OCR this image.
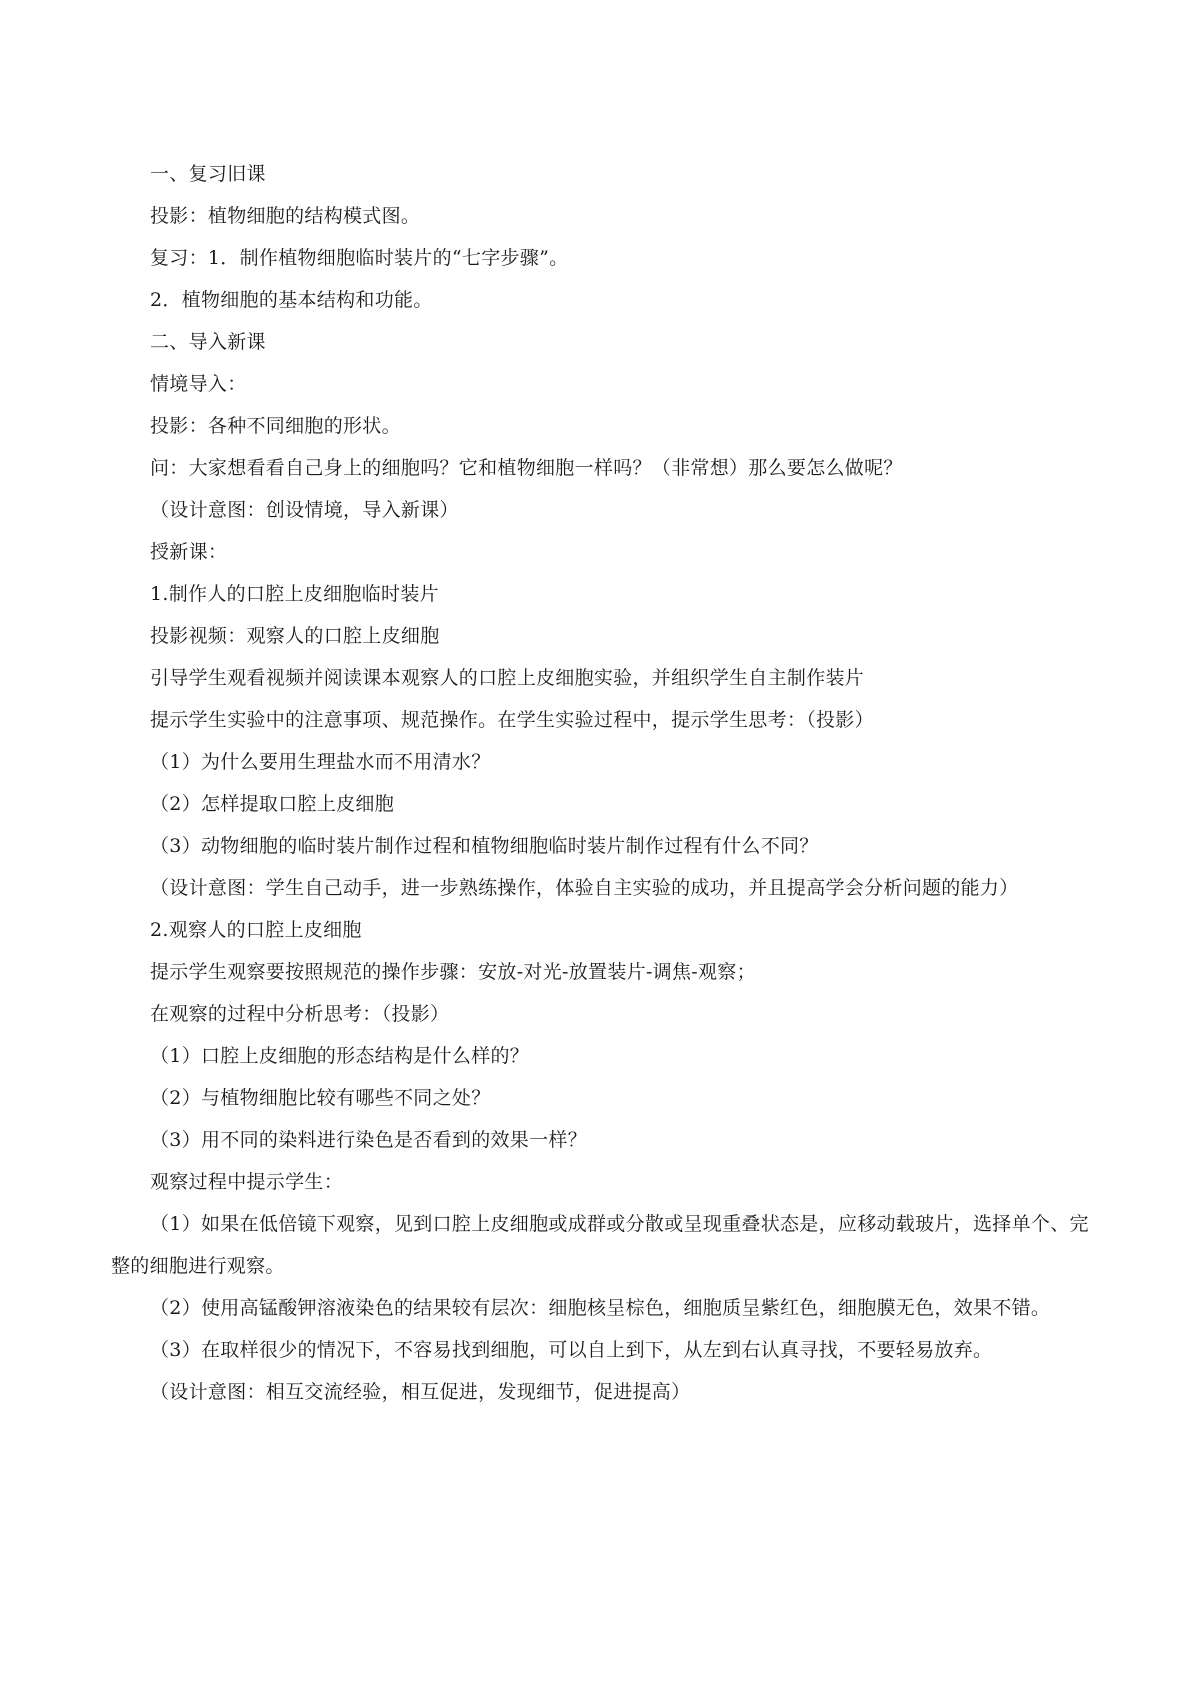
一、复习旧课

投影：植物细胞的结构模式图。

复习：1．制作植物细胞临时装片的“七字步骤”。

2．植物细胞的基本结构和功能。

二、导入新课

情境导入：

投影：各种不同细胞的形状。

问：大家想看看自己身上的细胞吗？它和植物细胞一样吗？（非常想）那么要怎么做呢？

（设计意图：创设情境，导入新课）

授新课：

1.制作人的口腔上皮细胞临时装片

投影视频：观察人的口腔上皮细胞

引导学生观看视频并阅读课本观察人的口腔上皮细胞实验，并组织学生自主制作装片

提示学生实验中的注意事项、规范操作。在学生实验过程中，提示学生思考：（投影）

（1）为什么要用生理盐水而不用清水？

（2）怎样提取口腔上皮细胞

（3）动物细胞的临时装片制作过程和植物细胞临时装片制作过程有什么不同？

（设计意图：学生自己动手，进一步熟练操作，体验自主实验的成功，并且提高学会分析问题的能力）

2.观察人的口腔上皮细胞

提示学生观察要按照规范的操作步骤：安放-对光-放置装片-调焦-观察；

在观察的过程中分析思考：（投影）

（1）口腔上皮细胞的形态结构是什么样的？

（2）与植物细胞比较有哪些不同之处？

（3）用不同的染料进行染色是否看到的效果一样？

观察过程中提示学生：

（1）如果在低倍镜下观察，见到口腔上皮细胞或成群或分散或呈现重叠状态是，应移动载玻片，选择单个、完整的细胞进行观察。

（2）使用高锰酸钾溶液染色的结果较有层次：细胞核呈棕色，细胞质呈紫红色，细胞膜无色，效果不错。

（3）在取样很少的情况下，不容易找到细胞，可以自上到下，从左到右认真寻找，不要轻易放弃。

（设计意图：相互交流经验，相互促进，发现细节，促进提高）
